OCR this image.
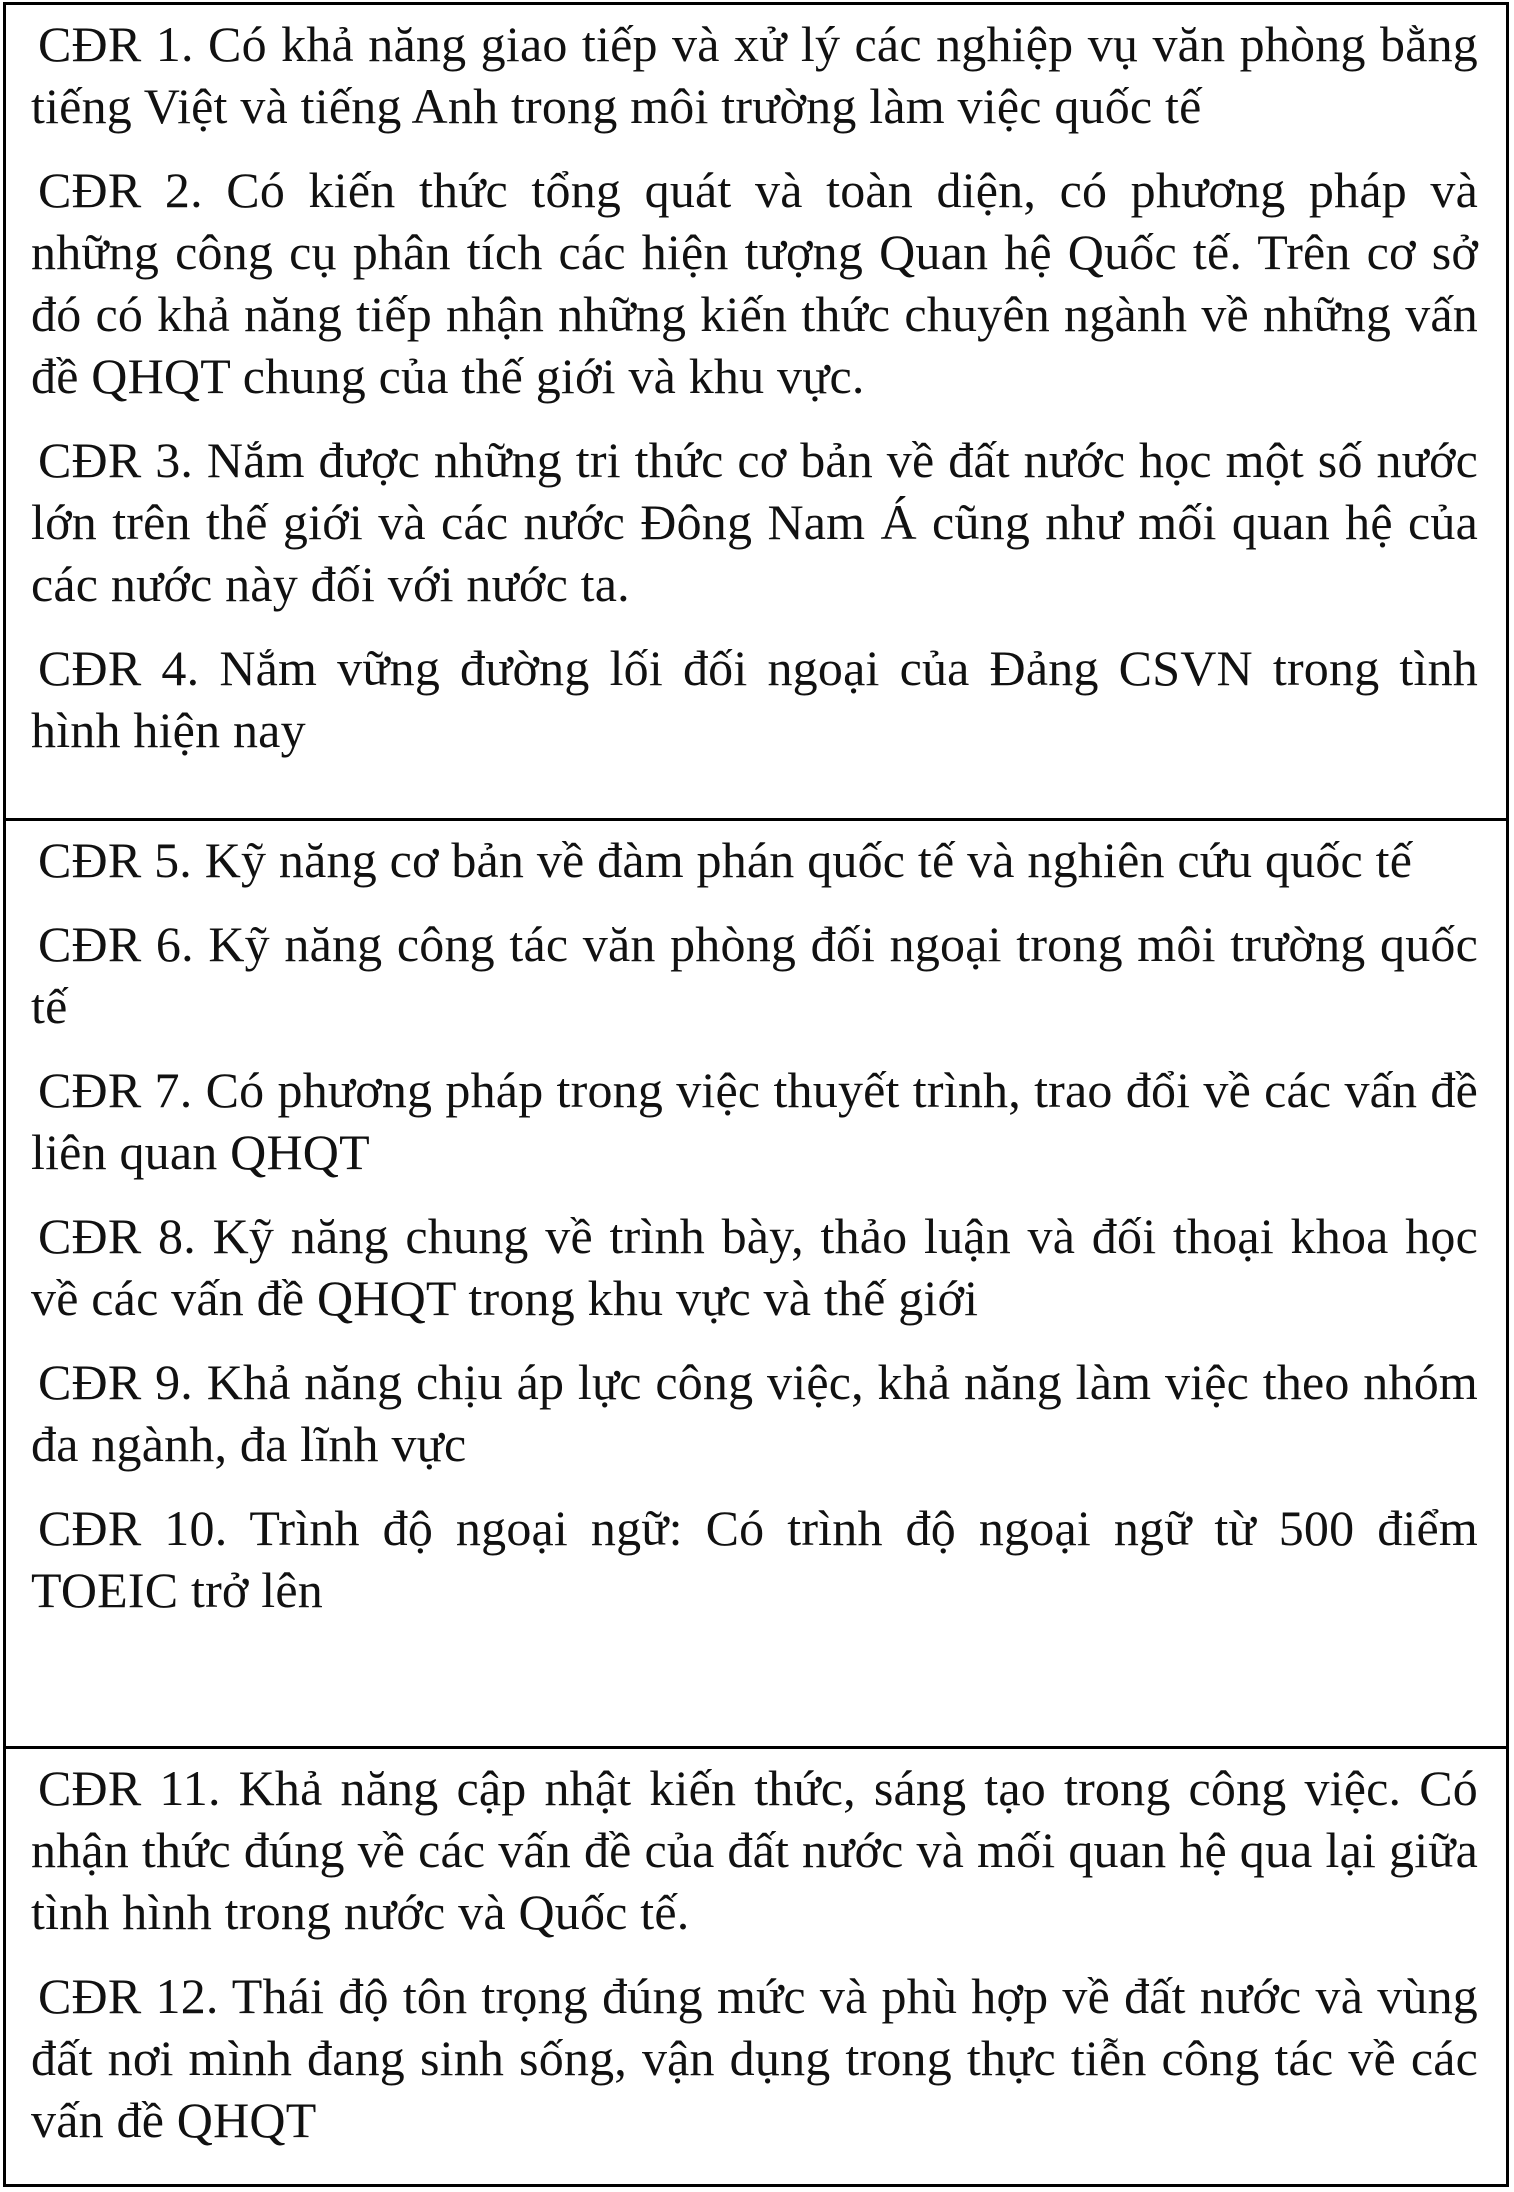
CĐR 1. Có khả năng giao tiếp và xử lý các nghiệp vụ văn phòng bằng tiếng Việt và tiếng Anh trong môi trường làm việc quốc tế

CĐR 2. Có kiến thức tổng quát và toàn diện, có phương pháp và những công cụ phân tích các hiện tượng Quan hệ Quốc tế. Trên cơ sở đó có khả năng tiếp nhận những kiến thức chuyên ngành về những vấn đề QHQT chung của thế giới và khu vực.

CĐR 3. Nắm được những tri thức cơ bản về đất nước học một số nước lớn trên thế giới và các nước Đông Nam Á cũng như mối quan hệ của các nước này đối với nước ta.

CĐR 4. Nắm vững đường lối đối ngoại của Đảng CSVN trong tình hình hiện nay

CĐR 5. Kỹ năng cơ bản về đàm phán quốc tế và nghiên cứu quốc tế

CĐR 6. Kỹ năng công tác văn phòng đối ngoại trong môi trường quốc tế

CĐR 7. Có phương pháp trong việc thuyết trình, trao đổi về các vấn đề liên quan QHQT

CĐR 8. Kỹ năng chung về trình bày, thảo luận và đối thoại khoa học về các vấn đề QHQT trong khu vực và thế giới

CĐR 9. Khả năng chịu áp lực công việc, khả năng làm việc theo nhóm đa ngành, đa lĩnh vực

CĐR 10. Trình độ ngoại ngữ: Có trình độ ngoại ngữ từ 500 điểm TOEIC trở lên

CĐR 11. Khả năng cập nhật kiến thức, sáng tạo trong công việc. Có nhận thức đúng về các vấn đề của đất nước và mối quan hệ qua lại giữa tình hình trong nước và Quốc tế.

CĐR 12. Thái độ tôn trọng đúng mức và phù hợp về đất nước và vùng đất nơi mình đang sinh sống, vận dụng trong thực tiễn công tác về các vấn đề QHQT
